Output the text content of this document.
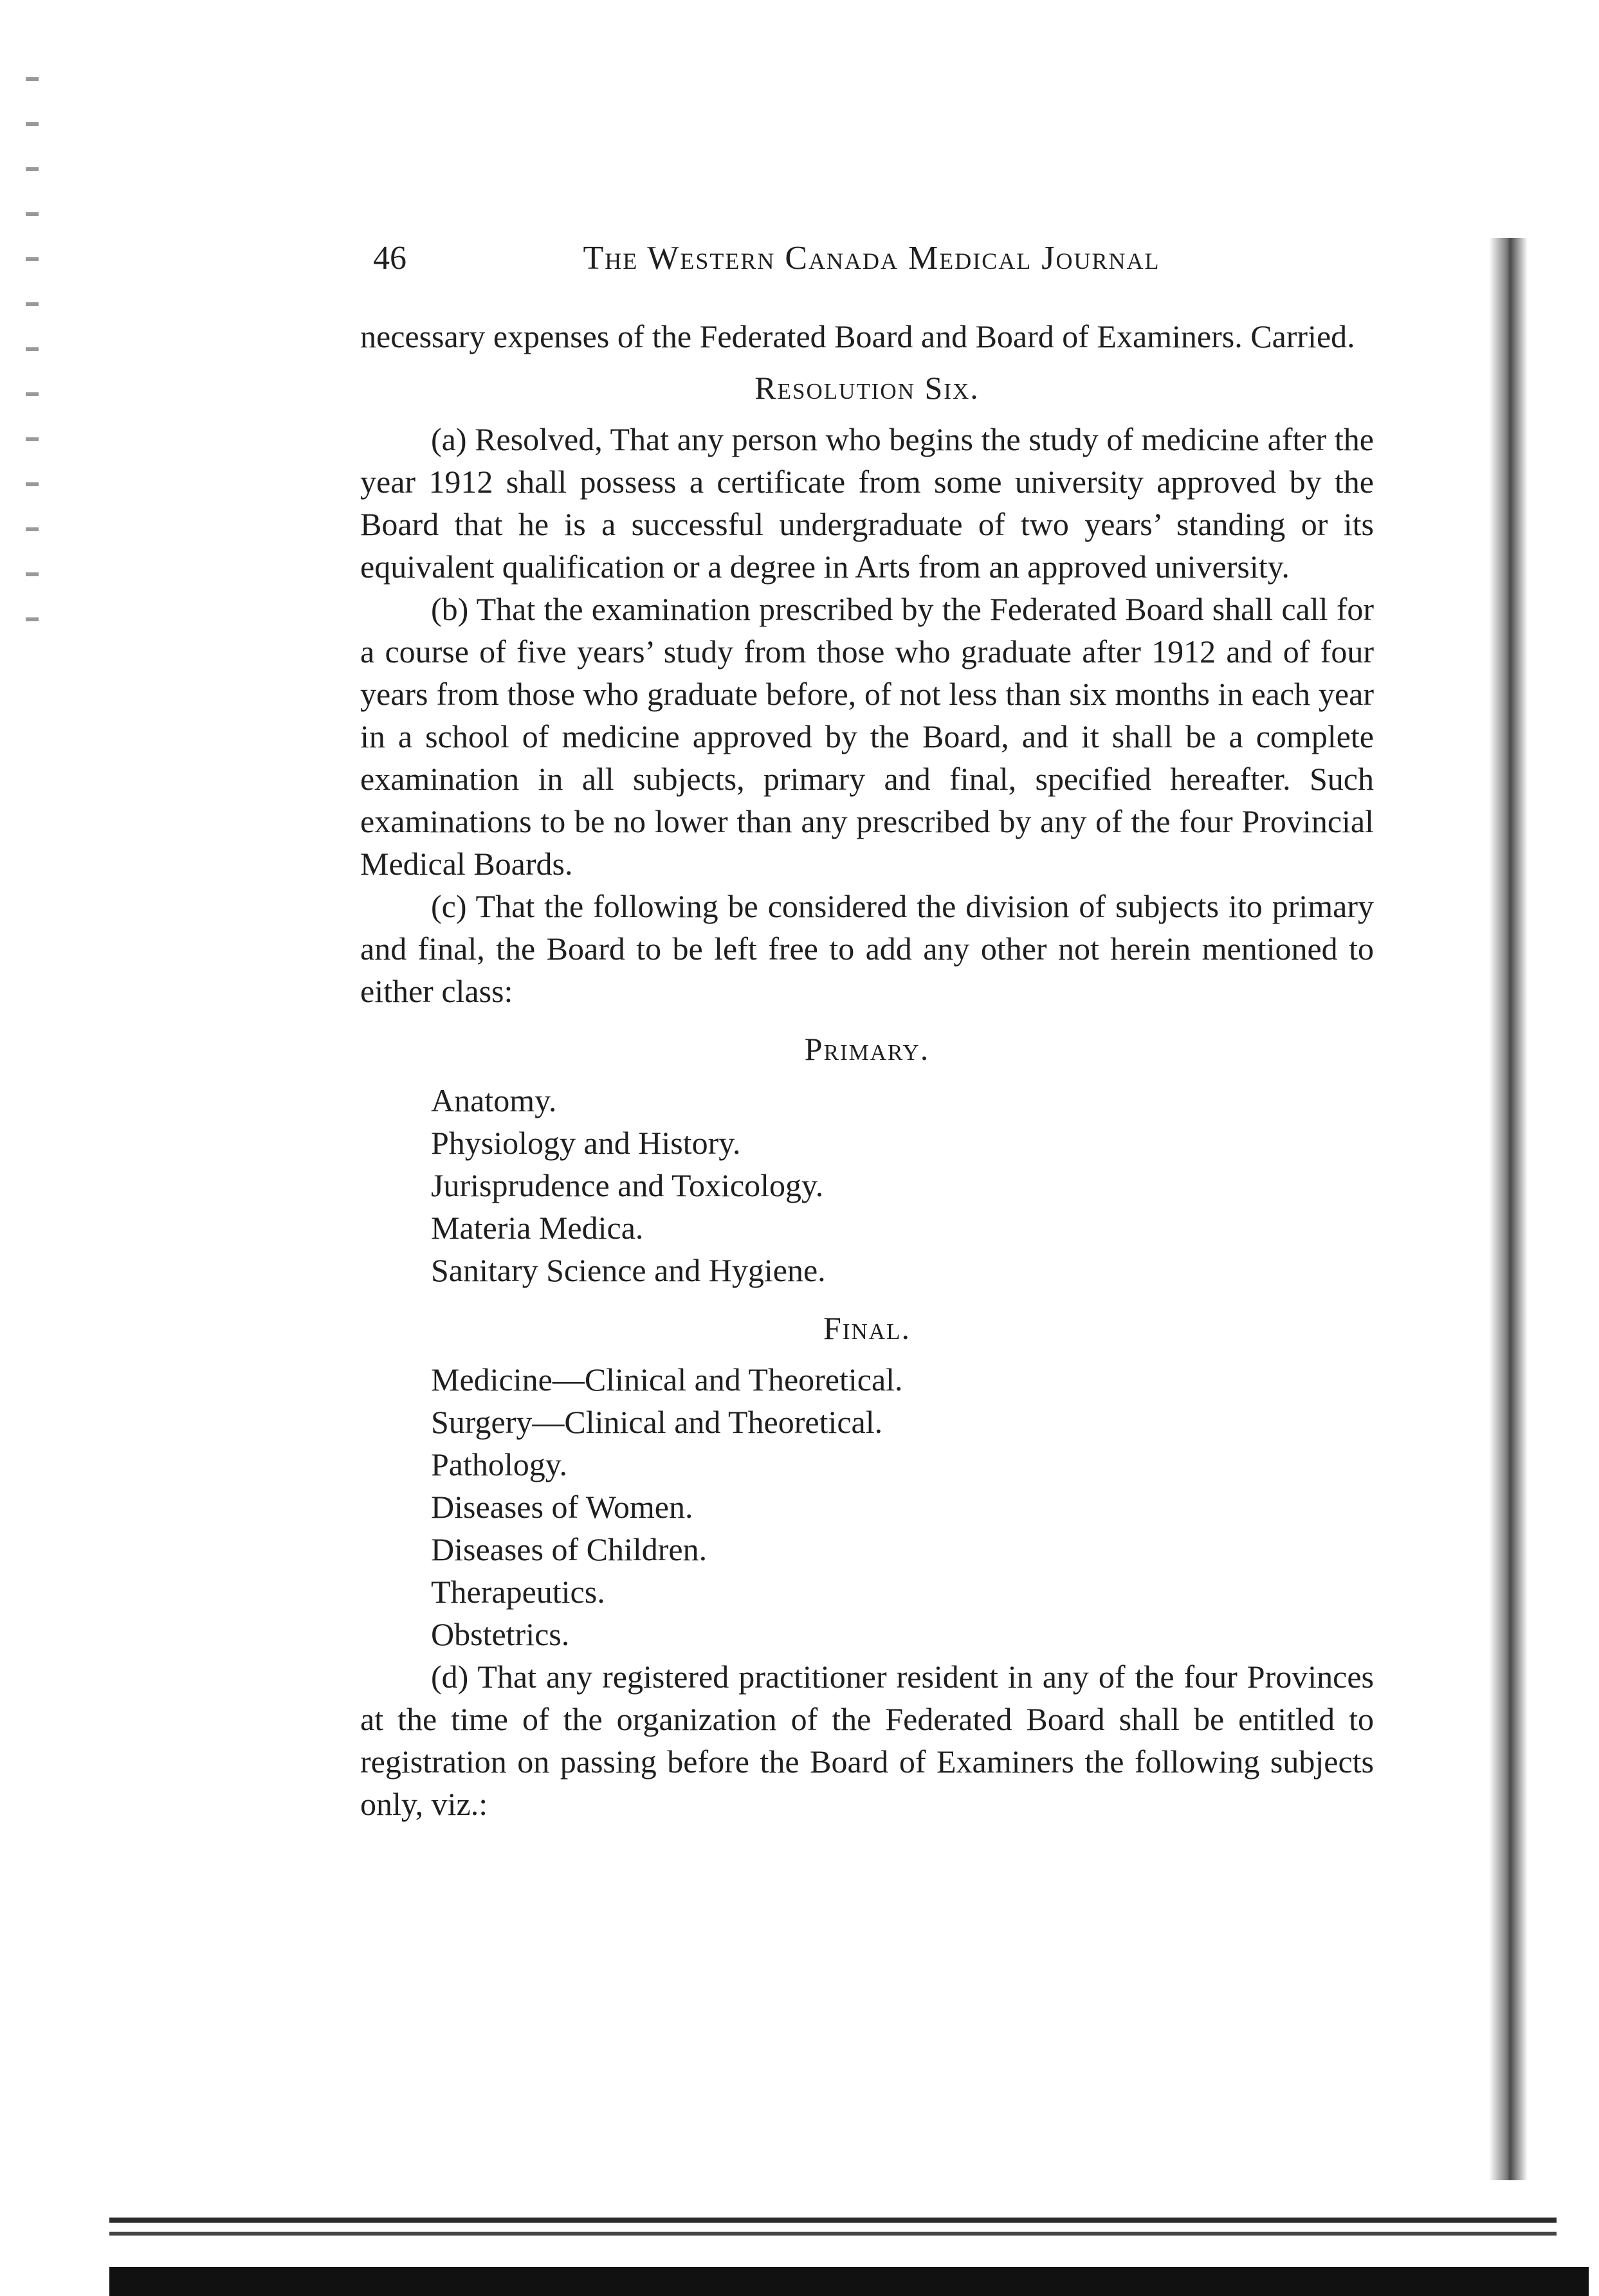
46	The Western Canada Medical Journal

necessary expenses of the Federated Board and Board of Examiners. Carried.

Resolution Six.

(a) Resolved, That any person who begins the study of medicine after the year 1912 shall possess a certificate from some university approved by the Board that he is a successful undergraduate of two years’ standing or its equivalent qualification or a degree in Arts from an approved university.

(b) That the examination prescribed by the Federated Board shall call for a course of five years’ study from those who graduate after 1912 and of four years from those who graduate before, of not less than six months in each year in a school of medicine approved by the Board, and it shall be a complete examination in all subjects, primary and final, specified hereafter. Such examinations to be no lower than any prescribed by any of the four Provincial Medical Boards.

(c) That the following be considered the division of subjects ito primary and final, the Board to be left free to add any other not herein mentioned to either class:

Primary.

Anatomy.
Physiology and History.
Jurisprudence and Toxicology.
Materia Medica.
Sanitary Science and Hygiene.

Final.

Medicine—Clinical and Theoretical.
Surgery—Clinical and Theoretical.
Pathology.
Diseases of Women.
Diseases of Children.
Therapeutics.
Obstetrics.

(d) That any registered practitioner resident in any of the four Provinces at the time of the organization of the Federated Board shall be entitled to registration on passing before the Board of Examiners the following subjects only, viz.:
